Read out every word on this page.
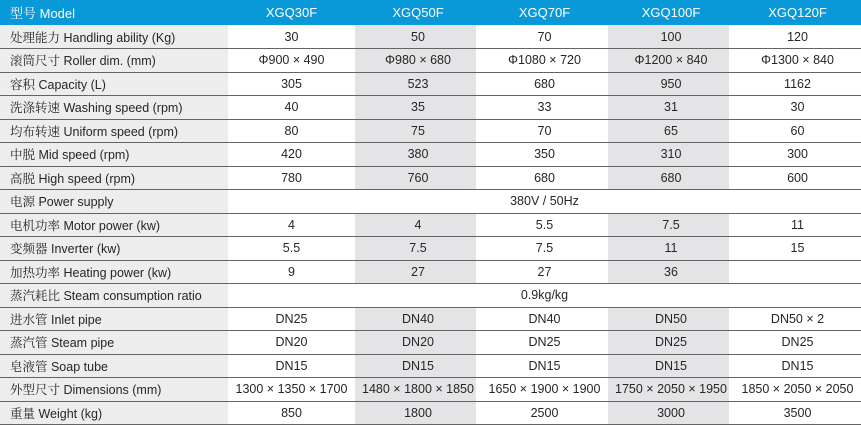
型号 Model	XGQ30F	XGQ50F	XGQ70F	XGQ100F	XGQ120F
处理能力 Handling ability (Kg)	30	50	70	100	120
滚筒尺寸 Roller dim. (mm)	Φ900 × 490	Φ980 × 680	Φ1080 × 720	Φ1200 × 840	Φ1300 × 840
容积 Capacity (L)	305	523	680	950	1162
洗涤转速 Washing speed (rpm)	40	35	33	31	30
均布转速 Uniform speed (rpm)	80	75	70	65	60
中脱 Mid speed (rpm)	420	380	350	310	300
高脱 High speed (rpm)	780	760	680	680	600
电源 Power supply	380V / 50Hz				
电机功率 Motor power (kw)	4	4	5.5	7.5	11
变频器 Inverter (kw)	5.5	7.5	7.5	11	15
加热功率 Heating power (kw)	9	27	27	36	
蒸汽耗比 Steam consumption ratio	0.9kg/kg				
进水管 Inlet pipe	DN25	DN40	DN40	DN50	DN50 × 2
蒸汽管 Steam pipe	DN20	DN20	DN25	DN25	DN25
皂液管 Soap tube	DN15	DN15	DN15	DN15	DN15
外型尺寸 Dimensions (mm)	1300 × 1350 × 1700	1480 × 1800 × 1850	1650 × 1900 × 1900	1750 × 2050 × 1950	1850 × 2050 × 2050
重量 Weight (kg)	850	1800	2500	3000	3500
